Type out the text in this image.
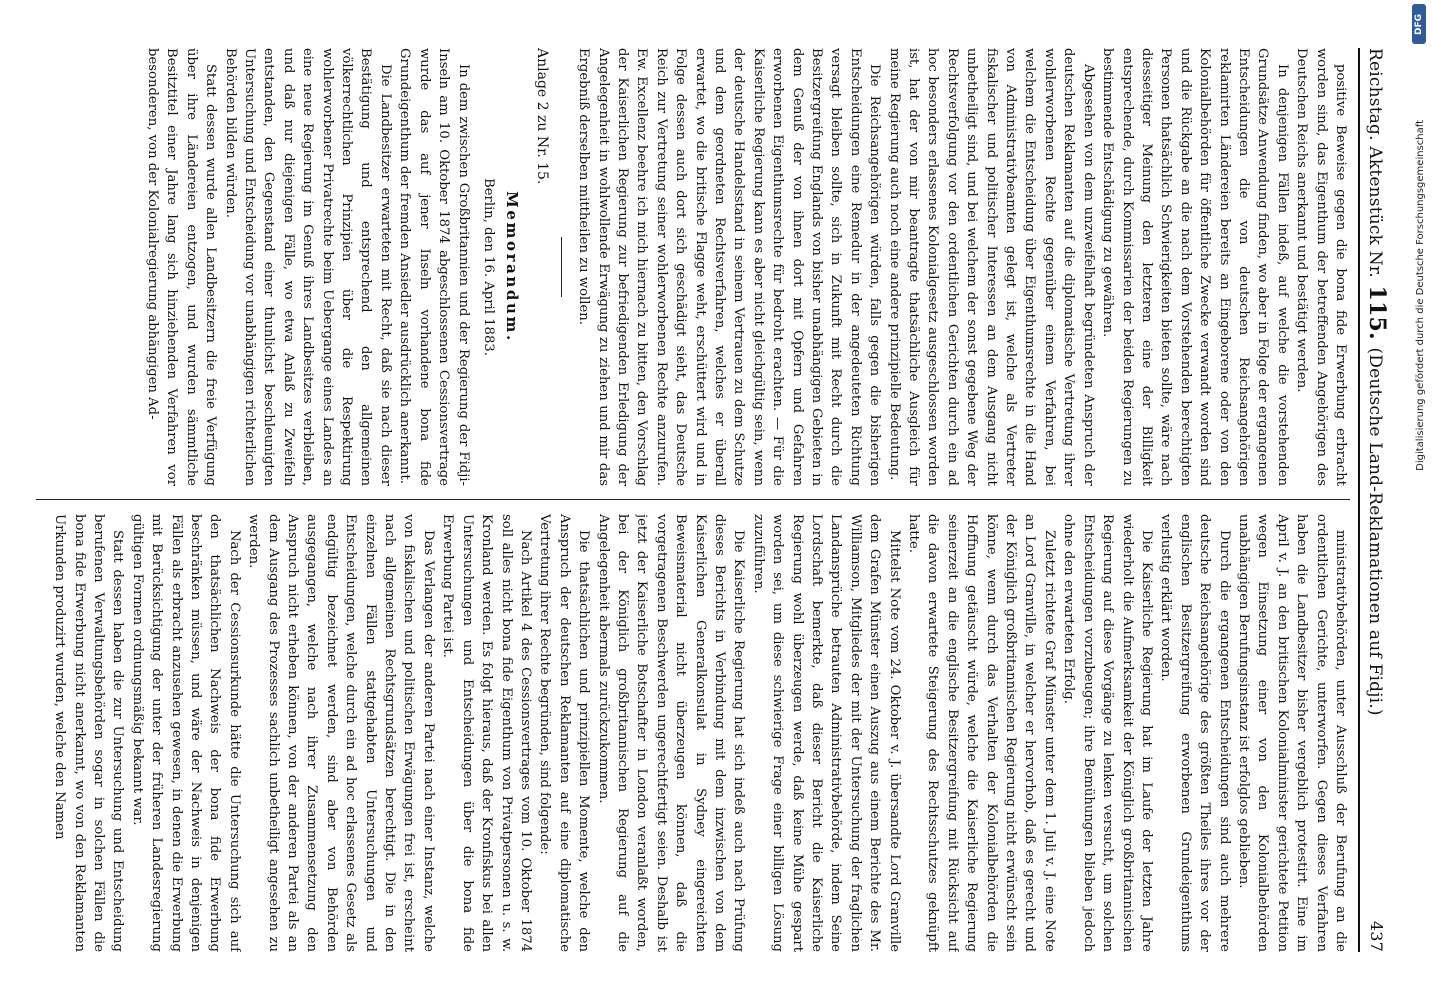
Reichstag. Aktenstück Nr. 115. (Deutsche Land-Reklamationen auf Fidji.)
437

positive Beweise gegen die bona fide Erwerbung erbracht worden sind, das Eigenthum der betreffenden Angehörigen des Deutschen Reichs anerkannt und bestätigt werden.

In denjenigen Fällen indeß, auf welche die vorstehenden Grundsätze Anwendung finden, wo aber in Folge der ergangenen Entscheidungen die von deutschen Reichsangehörigen reklamirten Ländereien bereits an Eingeborene oder von den Kolonialbehörden für öffentliche Zwecke verwandt worden sind und die Rückgabe an die nach dem Vorstehenden berechtigten Personen thatsächlich Schwierigkeiten bieten sollte, wäre nach diesseitiger Meinung den letzteren eine der Billigkeit entsprechende, durch Kommissarien der beiden Regierungen zu bestimmende Entschädigung zu gewähren.

Abgesehen von dem unzweifelhaft begründeten Anspruch der deutschen Reklamanten auf die diplomatische Vertretung ihrer wohlerworbenen Rechte gegenüber einem Verfahren, bei welchem die Entscheidung über Eigenthumsrechte in die Hand von Administrativbeamten gelegt ist, welche als Vertreter fiskalischer und politischer Interessen an dem Ausgang nicht unbetheiligt sind, und bei welchem der sonst gegebene Weg der Rechtsverfolgung vor den ordentlichen Gerichten durch ein ad hoc besonders erlassenes Kolonialgesetz ausgeschlossen worden ist, hat der von mir beantragte thatsächliche Ausgleich für meine Regierung auch noch eine andere prinzipielle Bedeutung.

Die Reichsangehörigen würden, falls gegen die bisherigen Entscheidungen eine Remedur in der angedeuteten Richtung versagt bleiben sollte, sich in Zukunft mit Recht durch die Besitzergreifung Englands von bisher unabhängigen Gebieten in dem Genuß der von ihnen dort mit Opfern und Gefahren erworbenen Eigenthumsrechte für bedroht erachten. — Für die Kaiserliche Regierung kann es aber nicht gleichgültig sein, wenn der deutsche Handelsstand in seinem Vertrauen zu dem Schutze und dem geordneten Rechtsverfahren, welches er überall erwartet, wo die britische Flagge weht, erschüttert wird und in Folge dessen auch dort sich geschädigt sieht, das Deutsche Reich zur Vertretung seiner wohlerworbenen Rechte anzurufen. Ew. Excellenz beehre ich mich hiernach zu bitten, den Vorschlag der Kaiserlichen Regierung zur befriedigenden Erledigung der Angelegenheit in wohlwollende Erwägung zu ziehen und mir das Ergebniß derselben mittheilen zu wollen.

Anlage 2 zu Nr. 15.
Memorandum.
Berlin, den 16. April 1883.

In dem zwischen Großbritannien und der Regierung der Fidji-Inseln am 10. Oktober 1874 abgeschlossenen Cessionsvertrage wurde das auf jener Inseln vorhandene bona fide Grundeigenthum der fremden Ansiedler ausdrücklich anerkannt.

Die Landbesitzer erwarteten mit Recht, daß sie nach dieser Bestätigung und entsprechend den allgemeinen völkerrechtlichen Prinzipien über die Respektirung wohlerworbener Privatrechte beim Uebergange eines Landes an eine neue Regierung im Genuß ihres Landbesitzes verbleiben, und daß nur diejenigen Fälle, wo etwa Anlaß zu Zweifeln entstanden, den Gegenstand einer thunlichst beschleunigten Untersuchung und Entscheidung vor unabhängigen richterlichen Behörden bilden würden.

Statt dessen wurde allen Landbesitzern die freie Verfügung über ihre Ländereien entzogen, und wurden sämmtliche Besitztitel einer Jahre lang sich hinziehenden Verfahren vor besonderen, von der Kolonialregierung abhängigen Ad-

ministrativbehörden, unter Ausschluß der Berufung an die ordentlichen Gerichte, unterworfen. Gegen dieses Verfahren haben die Landbesitzer bisher vergeblich protestirt. Eine im April v. J. an den britischen Kolonialminister gerichtete Petition wegen Einsetzung einer von den Kolonialbehörden unabhängigen Berufungsinstanz ist erfolglos geblieben.

Durch die ergangenen Entscheidungen sind auch mehrere deutsche Reichsangehörige des größten Theiles ihres vor der englischen Besitzergreifung erworbenen Grundeigenthums verlustig erklärt worden.

Die Kaiserliche Regierung hat im Laufe der letzten Jahre wiederholt die Aufmerksamkeit der Königlich großbritannischen Regierung auf diese Vorgänge zu lenken versucht, um solchen Entscheidungen vorzubeugen; ihre Bemühungen blieben jedoch ohne den erwarteten Erfolg.

Zuletzt richtete Graf Münster unter dem 1. Juli v. J. eine Note an Lord Granville, in welcher er hervorhob, daß es gerecht und der Königlich großbritannischen Regierung nicht erwünscht sein könne, wenn durch das Verhalten der Kolonialbehörden die Hoffnung getäuscht würde, welche die Kaiserliche Regierung seinerzeit an die englische Besitzergreifung mit Rücksicht auf die davon erwartete Steigerung des Rechtsschutzes geknüpft hatte.

Mittelst Note vom 24. Oktober v. J. übersandte Lord Granville dem Grafen Münster einen Auszug aus einem Berichte des Mr. Williamson, Mitgliedes der mit der Untersuchung der fraglichen Landansprüche betrauten Administrativbehörde, indem Seine Lordschaft bemerkte, daß dieser Bericht die Kaiserliche Regierung wohl überzeugen werde, daß keine Mühe gespart worden sei, um diese schwierige Frage einer billigen Lösung zuzuführen.

Die Kaiserliche Regierung hat sich indeß auch nach Prüfung dieses Berichts in Verbindung mit dem inzwischen von dem Kaiserlichen Generalkonsulat in Sydney eingereichten Beweismaterial nicht überzeugen können, daß die vorgetragenen Beschwerden ungerechtfertigt seien. Deshalb ist jetzt der Kaiserliche Botschafter in London veranlaßt worden, bei der Königlich großbritannischen Regierung auf die Angelegenheit abermals zurückzukommen.

Die thatsächlichen und prinzipiellen Momente, welche den Anspruch der deutschen Reklamanten auf eine diplomatische Vertretung ihrer Rechte begründen, sind folgende:

Nach Artikel 4 des Cessionsvertrages vom 10. Oktober 1874 soll alles nicht bona fide Eigenthum von Privatpersonen u. s. w. Kronland werden. Es folgt hieraus, daß der Kronfiskus bei allen Untersuchungen und Entscheidungen über die bona fide Erwerbung Partei ist.

Das Verlangen der anderen Partei nach einer Instanz, welche von fiskalischen und politischen Erwägungen frei ist, erscheint nach allgemeinen Rechtsgrundsätzen berechtigt. Die in den einzelnen Fällen stattgehabten Untersuchungen und Entscheidungen, welche durch ein ad hoc erlassenes Gesetz als endgültig bezeichnet werden, sind aber von Behörden ausgegangen, welche nach ihrer Zusammensetzung den Anspruch nicht erheben können, von der anderen Partei als an dem Ausgang des Prozesses sachlich unbetheiligt angesehen zu werden.

Nach der Cessionsurkunde hätte die Untersuchung sich auf den thatsächlichen Nachweis der bona fide Erwerbung beschränken müssen, und wäre der Nachweis in denjenigen Fällen als erbracht anzusehen gewesen, in denen die Erwerbung mit Berücksichtigung der unter der früheren Landesregierung gültigen Formen ordnungsmäßig bekannt war.

Statt dessen haben die zur Untersuchung und Entscheidung berufenen Verwaltungsbehörden sogar in solchen Fällen die bona fide Erwerbung nicht anerkannt, wo von den Reklamanten Urkunden produzirt wurden, welche den Namen

DFG
Digitalisierung gefördert durch die Deutsche Forschungsgemeinschaft
